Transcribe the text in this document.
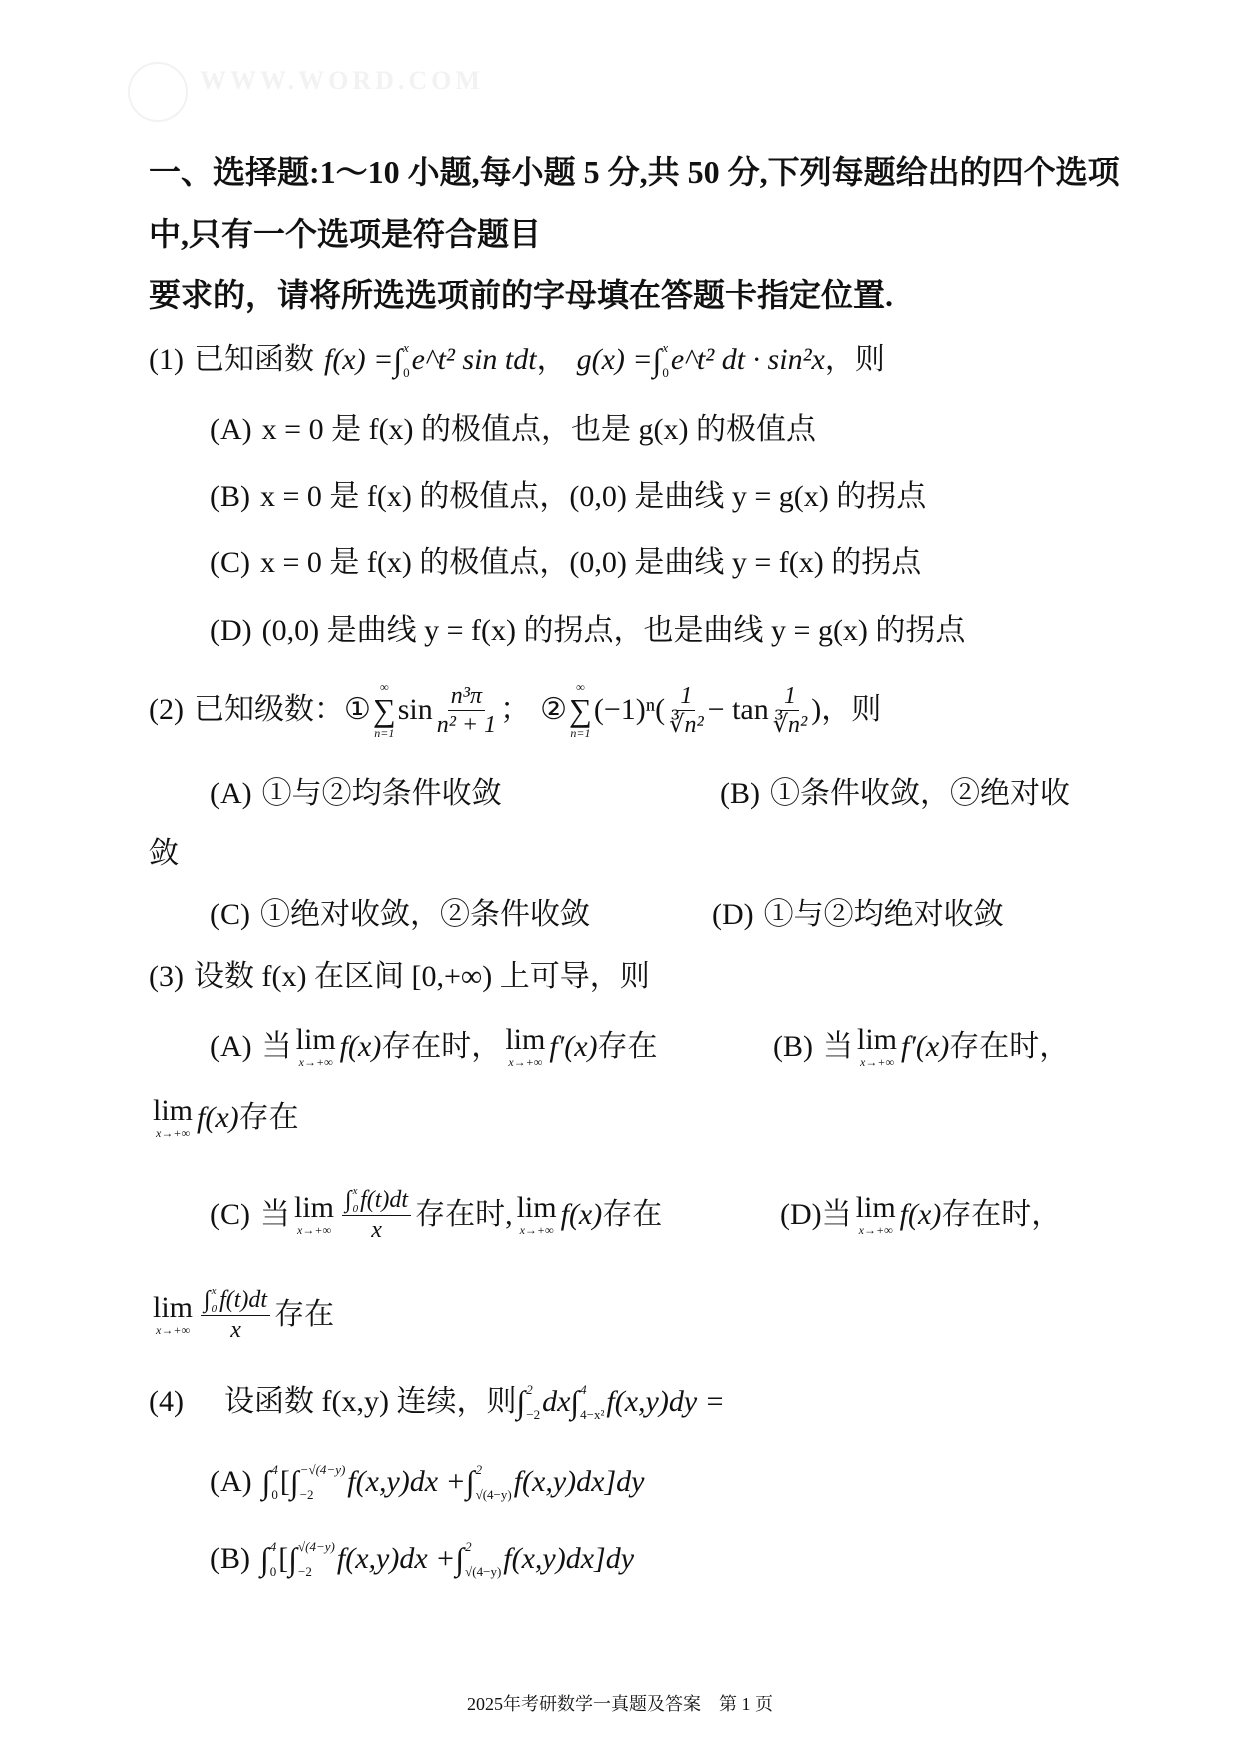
WWW.WORD.COM
一、选择题:1～10 小题,每小题 5 分,共 50 分,下列每题给出的四个选项
中,只有一个选项是符合题目
要求的，请将所选选项前的字母填在答题卡指定位置.
(1) 已知函数 f(x) = ∫ x
0 e^t² sin tdt ， g(x) = ∫ x
0 e^t² dt · sin²x ，则
(A) x = 0 是 f(x) 的极值点，也是 g(x) 的极值点
(B) x = 0 是 f(x) 的极值点，(0,0) 是曲线 y = g(x) 的拐点
(C) x = 0 是 f(x) 的极值点，(0,0) 是曲线 y = f(x) 的拐点
(D) (0,0) 是曲线 y = f(x) 的拐点，也是曲线 y = g(x) 的拐点
(2) 已知级数： ①
∞
∑
n=1
$\sin \frac{\text{n³π}}{\text{n² + 1}}$ ； ②
∞
∑
n=1
$(-1)^n( \frac{1}{\text{∛n²}} - \tan \frac{1}{\text{∛n²}}$ ) ，则
(A) ①与②均条件收敛	(B) ①条件收敛，②绝对收
敛
(C) ①绝对收敛，②条件收敛	(D) ①与②均绝对收敛
(3) 设数 f(x) 在区间 [0,+∞) 上可导，则
(A) 当 lim
x→+∞ f(x) 存在时， lim
x→+∞ f′(x) 存在	(B) 当 lim
x→+∞ f′(x) 存在时，
lim
x→+∞ f(x) 存在
(C) 当 lim
x→+∞ ∫ x
0 f(t)dt
x 存在时, lim
x→+∞ f(x) 存在	(D) 当 lim
x→+∞ f(x) 存在时，
lim
x→+∞ ∫ x
0 f(t)dt
x 存在
(4) 设函数 f(x,y) 连续，则 ∫ 2
−2 dx ∫ 4
4−x² f(x,y)dy =
(A) ∫ 4
0 [ ∫ −√(4−y)
−2	f(x,y)dx + ∫ 2
√(4−y) f(x,y)dx]dy
(B) ∫ 4
0 [ ∫ √(4−y)
−2 f(x,y)dx + ∫ 2
√(4−y) f(x,y)dx]dy
2025年考研数学一真题及答案 第 1 页
